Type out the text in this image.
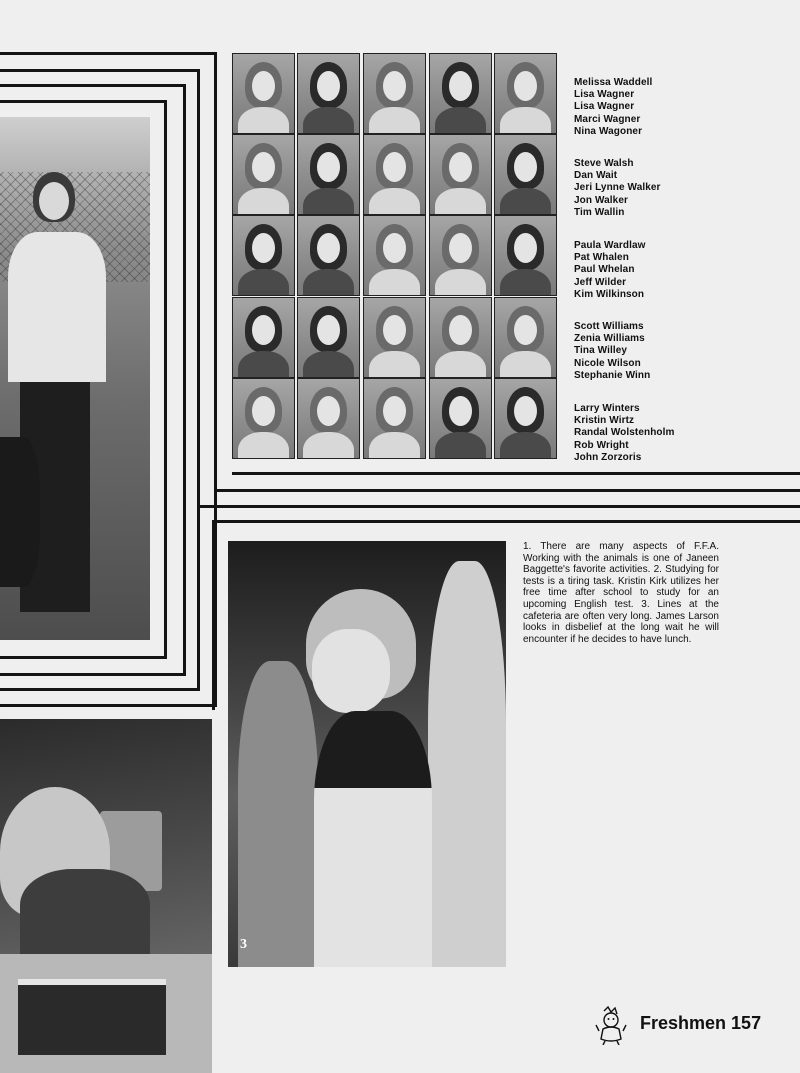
Melissa Waddell
Lisa Wagner
Lisa Wagner
Marci Wagner
Nina Wagoner
Steve Walsh
Dan Wait
Jeri Lynne Walker
Jon Walker
Tim Wallin
Paula Wardlaw
Pat Whalen
Paul Whelan
Jeff Wilder
Kim Wilkinson
Scott Williams
Zenia Williams
Tina Willey
Nicole Wilson
Stephanie Winn
Larry Winters
Kristin Wirtz
Randal Wolstenholm
Rob Wright
John Zorzoris
3
1. There are many aspects of F.F.A. Working with the animals is one of Janeen Baggette's favorite activities. 2. Studying for tests is a tiring task. Kristin Kirk utilizes her free time after school to study for an upcoming English test. 3. Lines at the cafeteria are often very long. James Larson looks in disbelief at the long wait he will encounter if he decides to have lunch.
Freshmen 157
